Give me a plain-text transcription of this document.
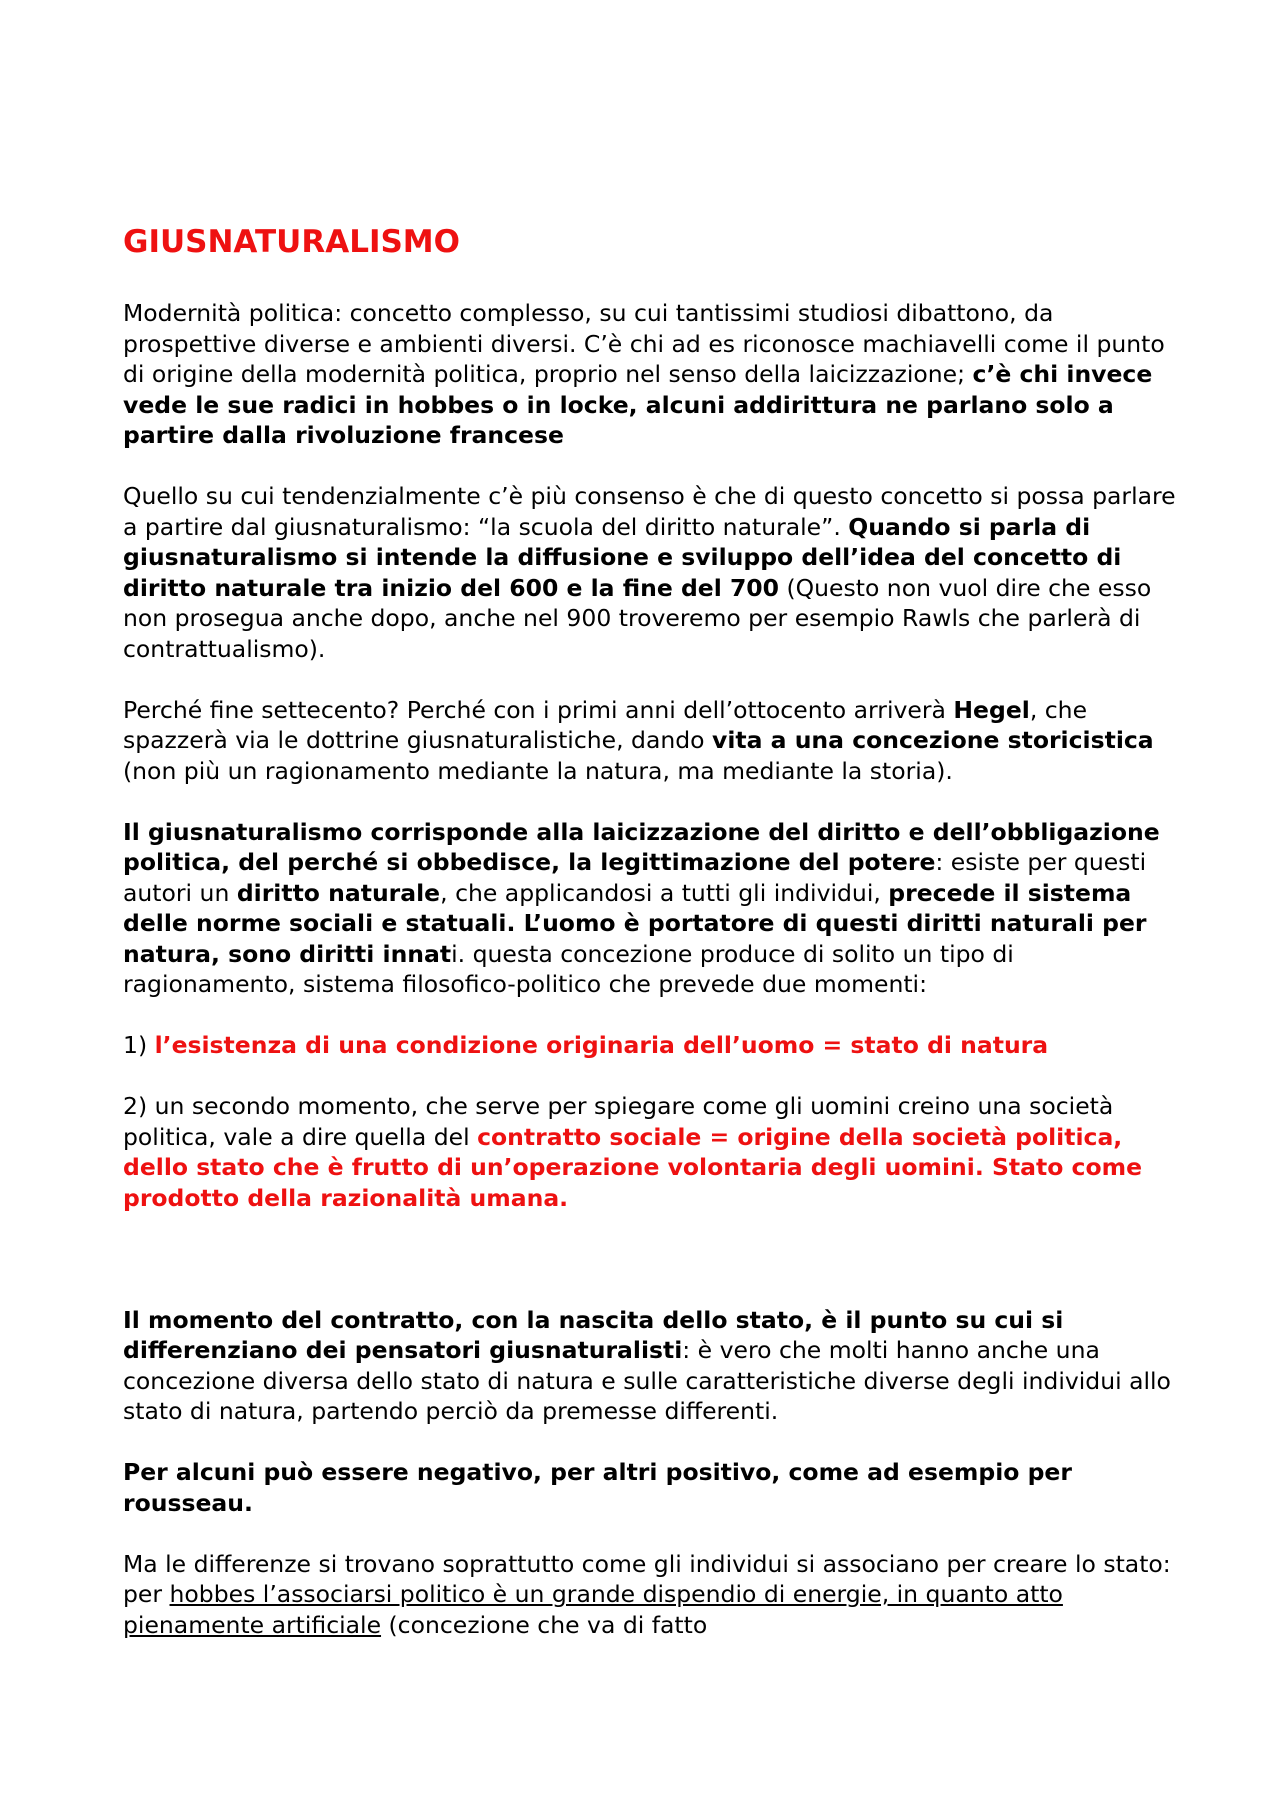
GIUSNATURALISMO

Modernità politica: concetto complesso, su cui tantissimi studiosi dibattono, da prospettive diverse e ambienti diversi. C’è chi ad es riconosce machiavelli come il punto di origine della modernità politica, proprio nel senso della laicizzazione; c’è chi invece vede le sue radici in hobbes o in locke, alcuni addirittura ne parlano solo a partire dalla rivoluzione francese

Quello su cui tendenzialmente c’è più consenso è che di questo concetto si possa parlare a partire dal giusnaturalismo: “la scuola del diritto naturale”. Quando si parla di giusnaturalismo si intende la diffusione e sviluppo dell’idea del concetto di diritto naturale tra inizio del 600 e la fine del 700 (Questo non vuol dire che esso non prosegua anche dopo, anche nel 900 troveremo per esempio Rawls che parlerà di contrattualismo).

Perché fine settecento? Perché con i primi anni dell’ottocento arriverà Hegel, che spazzerà via le dottrine giusnaturalistiche, dando vita a una concezione storicistica (non più un ragionamento mediante la natura, ma mediante la storia).

Il giusnaturalismo corrisponde alla laicizzazione del diritto e dell’obbligazione politica, del perché si obbedisce, la legittimazione del potere: esiste per questi autori un diritto naturale, che applicandosi a tutti gli individui, precede il sistema delle norme sociali e statuali. L’uomo è portatore di questi diritti naturali per natura, sono diritti innati. questa concezione produce di solito un tipo di ragionamento, sistema filosofico-politico che prevede due momenti:

1) l’esistenza di una condizione originaria dell’uomo = stato di natura

2) un secondo momento, che serve per spiegare come gli uomini creino una società politica, vale a dire quella del contratto sociale = origine della società politica, dello stato che è frutto di un’operazione volontaria degli uomini. Stato come prodotto della razionalità umana.

Il momento del contratto, con la nascita dello stato, è il punto su cui si differenziano dei pensatori giusnaturalisti: è vero che molti hanno anche una concezione diversa dello stato di natura e sulle caratteristiche diverse degli individui allo stato di natura, partendo perciò da premesse differenti.

Per alcuni può essere negativo, per altri positivo, come ad esempio per rousseau.

Ma le differenze si trovano soprattutto come gli individui si associano per creare lo stato: per hobbes l’associarsi politico è un grande dispendio di energie, in quanto atto pienamente artificiale (concezione che va di fatto
